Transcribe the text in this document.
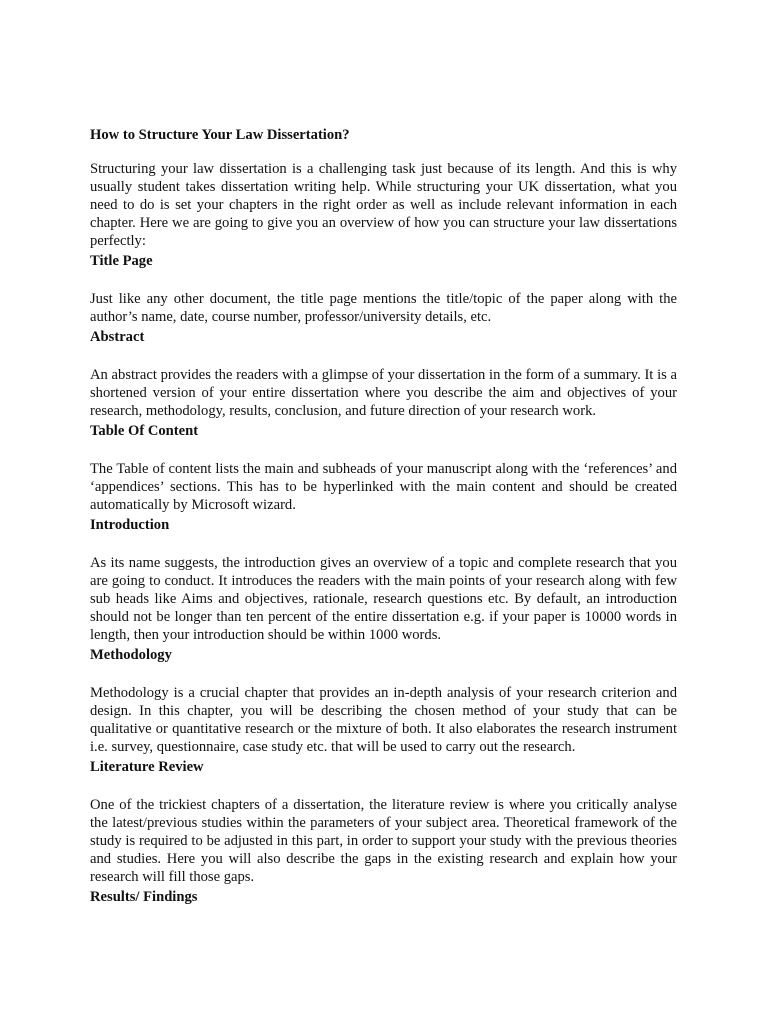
How to Structure Your Law Dissertation?

Structuring your law dissertation is a challenging task just because of its length. And this is why usually student takes dissertation writing help. While structuring your UK dissertation, what you need to do is set your chapters in the right order as well as include relevant information in each chapter. Here we are going to give you an overview of how you can structure your law dissertations perfectly:

Title Page

Just like any other document, the title page mentions the title/topic of the paper along with the author’s name, date, course number, professor/university details, etc.

Abstract

An abstract provides the readers with a glimpse of your dissertation in the form of a summary. It is a shortened version of your entire dissertation where you describe the aim and objectives of your research, methodology, results, conclusion, and future direction of your research work.

Table Of Content

The Table of content lists the main and subheads of your manuscript along with the ‘references’ and ‘appendices’ sections. This has to be hyperlinked with the main content and should be created automatically by Microsoft wizard.

Introduction

As its name suggests, the introduction gives an overview of a topic and complete research that you are going to conduct. It introduces the readers with the main points of your research along with few sub heads like Aims and objectives, rationale, research questions etc. By default, an introduction should not be longer than ten percent of the entire dissertation e.g. if your paper is 10000 words in length, then your introduction should be within 1000 words.

Methodology

Methodology is a crucial chapter that provides an in-depth analysis of your research criterion and design. In this chapter, you will be describing the chosen method of your study that can be qualitative or quantitative research or the mixture of both. It also elaborates the research instrument i.e. survey, questionnaire, case study etc. that will be used to carry out the research.

Literature Review

One of the trickiest chapters of a dissertation, the literature review is where you critically analyse the latest/previous studies within the parameters of your subject area. Theoretical framework of the study is required to be adjusted in this part, in order to support your study with the previous theories and studies. Here you will also describe the gaps in the existing research and explain how your research will fill those gaps.

Results/ Findings
